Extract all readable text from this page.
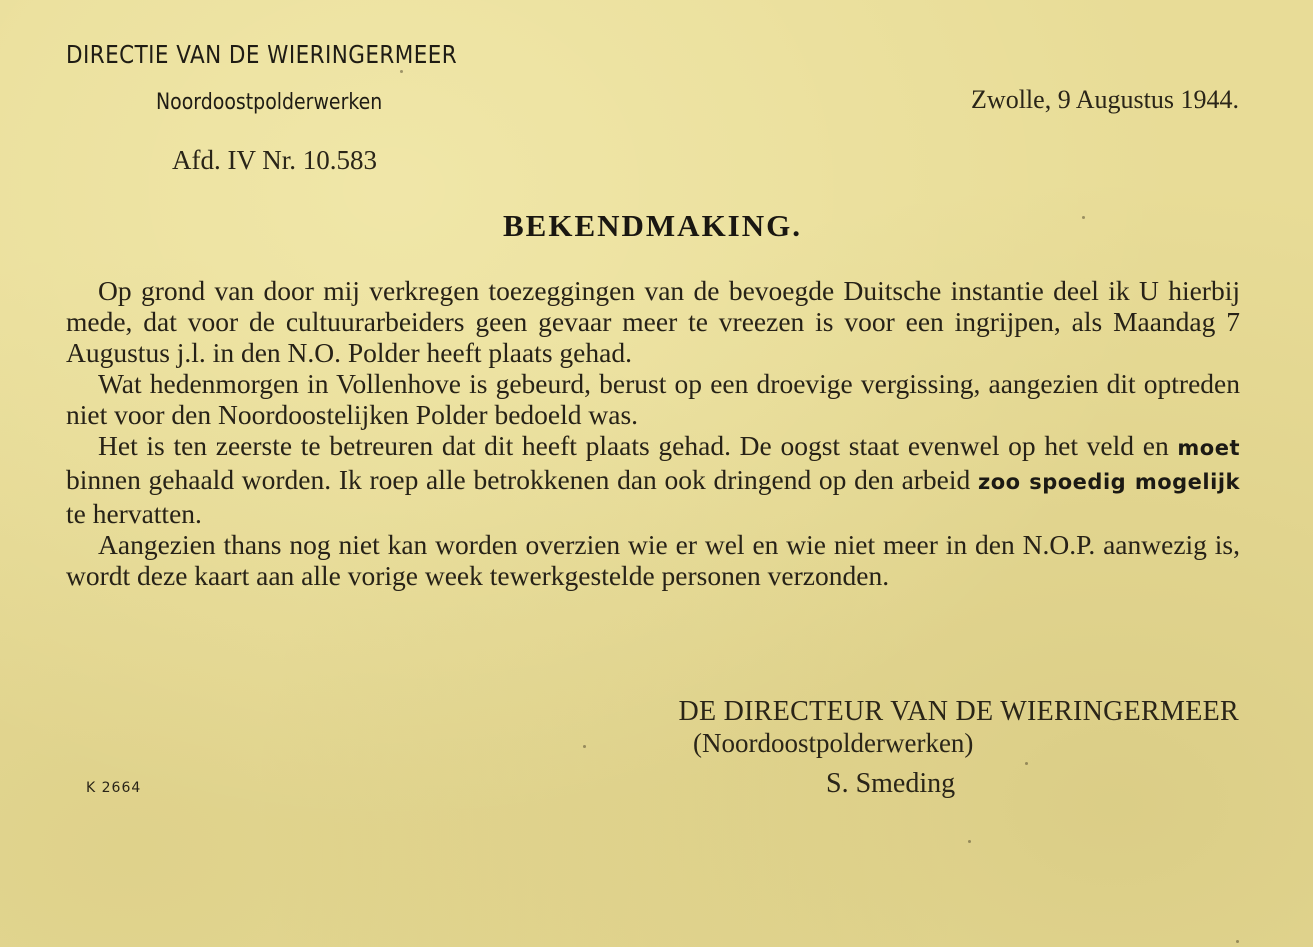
DIRECTIE VAN DE WIERINGERMEER
Noordoostpolderwerken	Zwolle, 9 Augustus 1944.
Afd. IV Nr. 10.583
BEKENDMAKING.

Op grond van door mij verkregen toezeggingen van de bevoegde Duitsche instantie deel ik U hierbij mede, dat voor de cultuurarbeiders geen gevaar meer te vreezen is voor een ingrijpen, als Maandag 7 Augustus j.l. in den N.O. Polder heeft plaats gehad.

Wat hedenmorgen in Vollenhove is gebeurd, berust op een droevige vergissing, aangezien dit optreden niet voor den Noordoostelijken Polder bedoeld was.

Het is ten zeerste te betreuren dat dit heeft plaats gehad. De oogst staat evenwel op het veld en moet binnen gehaald worden. Ik roep alle betrokkenen dan ook dringend op den arbeid zoo spoedig mogelijk te hervatten.

Aangezien thans nog niet kan worden overzien wie er wel en wie niet meer in den N.O.P. aanwezig is, wordt deze kaart aan alle vorige week tewerkgestelde personen verzonden.

DE DIRECTEUR VAN DE WIERINGERMEER
(Noordoostpolderwerken)
S. Smeding
K 2664
